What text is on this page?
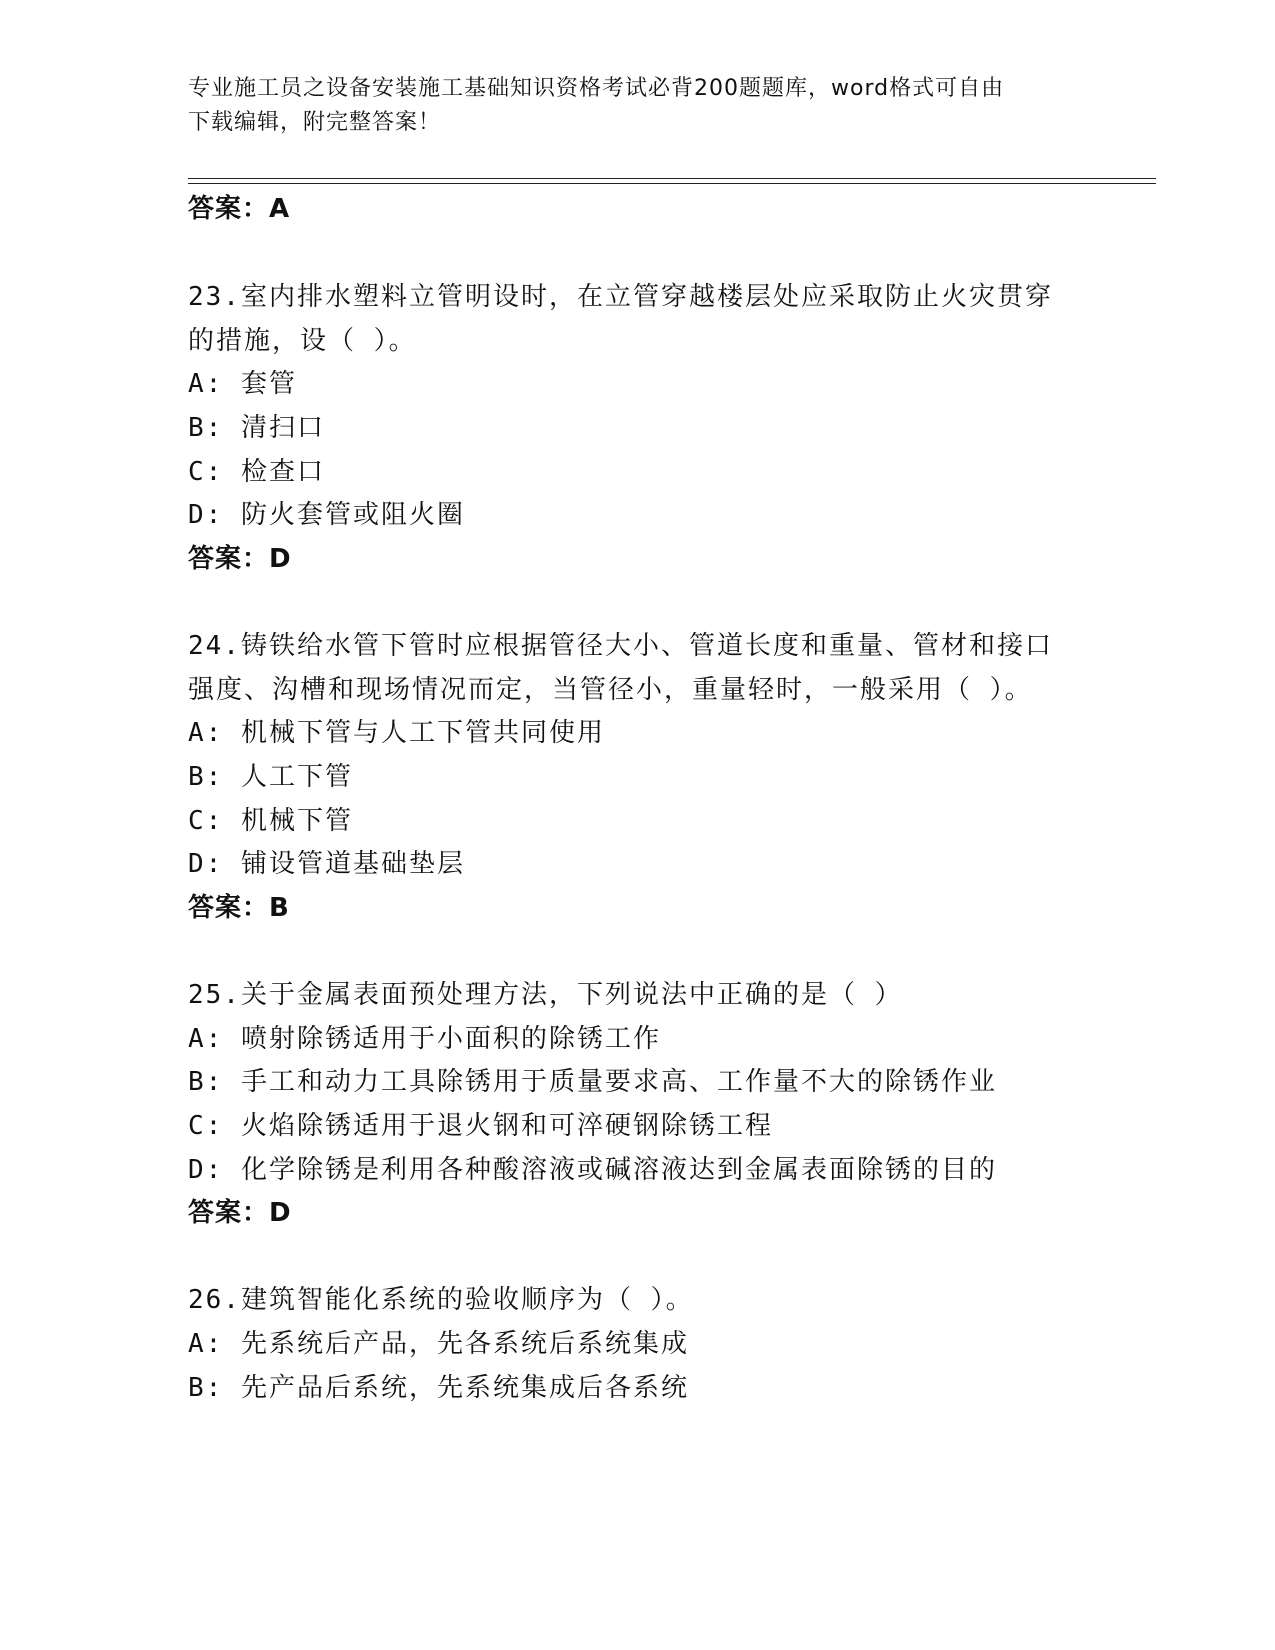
专业施工员之设备安装施工基础知识资格考试必背200题题库，word格式可自由
下载编辑，附完整答案！
答案：A
23.室内排水塑料立管明设时，在立管穿越楼层处应采取防止火灾贯穿
的措施，设（ ）。
A: 套管
B: 清扫口
C: 检查口
D: 防火套管或阻火圈
答案：D
24.铸铁给水管下管时应根据管径大小、管道长度和重量、管材和接口
强度、沟槽和现场情况而定，当管径小，重量轻时，一般采用（ ）。
A: 机械下管与人工下管共同使用
B: 人工下管
C: 机械下管
D: 铺设管道基础垫层
答案：B
25.关于金属表面预处理方法，下列说法中正确的是（ ）
A: 喷射除锈适用于小面积的除锈工作
B: 手工和动力工具除锈用于质量要求高、工作量不大的除锈作业
C: 火焰除锈适用于退火钢和可淬硬钢除锈工程
D: 化学除锈是利用各种酸溶液或碱溶液达到金属表面除锈的目的
答案：D
26.建筑智能化系统的验收顺序为（ ）。
A: 先系统后产品，先各系统后系统集成
B: 先产品后系统，先系统集成后各系统
